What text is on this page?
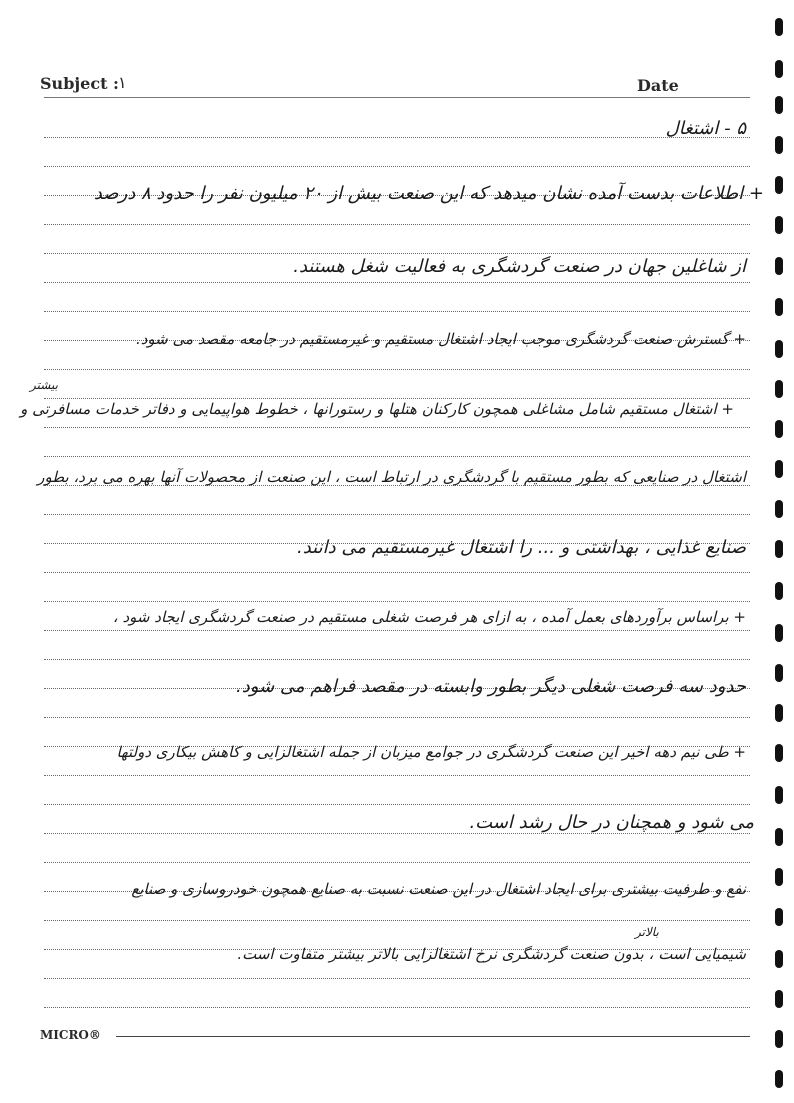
Subject : ١	Date
۵ - اشتغال
+ اطلاعات بدست آمده نشان میدهد که این صنعت بیش از ۲۰ میلیون نفر را حدود ۸ درصد
از شاغلین جهان در صنعت گردشگری به فعالیت شغل هستند.
+ گسترش صنعت گردشگری موجب ایجاد اشتغال مستقیم و غیرمستقیم در جامعه مقصد می شود.
+ اشتغال مستقیم شامل مشاغلی همچون کارکنان هتلها و رستورانها ، خطوط هواپیمایی و دفاتر خدمات مسافرتی و
اشتغال در صنایعی که بطور مستقیم با گردشگری در ارتباط است ، این صنعت از محصولات آنها بهره می برد، بطور
صنایع غذایی ، بهداشتی و ... را اشتغال غیرمستقیم می دانند.
+ براساس برآوردهای بعمل آمده ، به ازای هر فرصت شغلی مستقیم در صنعت گردشگری ایجاد شود ،
حدود سه فرصت شغلی دیگر بطور وابسته در مقصد فراهم می شود.
+ طی نیم دهه اخیر این صنعت گردشگری در جوامع میزبان از جمله اشتغالزایی و کاهش بیکاری دولتها
می شود و همچنان در حال رشد است.
نفع و طرفیت بیشتری برای ایجاد اشتغال در این صنعت نسبت به صنایع همچون خودروسازی و صنایع
شیمیایی است ، بدون صنعت گردشگری نرخ اشتغالزایی بالاتر بیشتر متفاوت است.
بیشتر
بالاتر
MICRO®
